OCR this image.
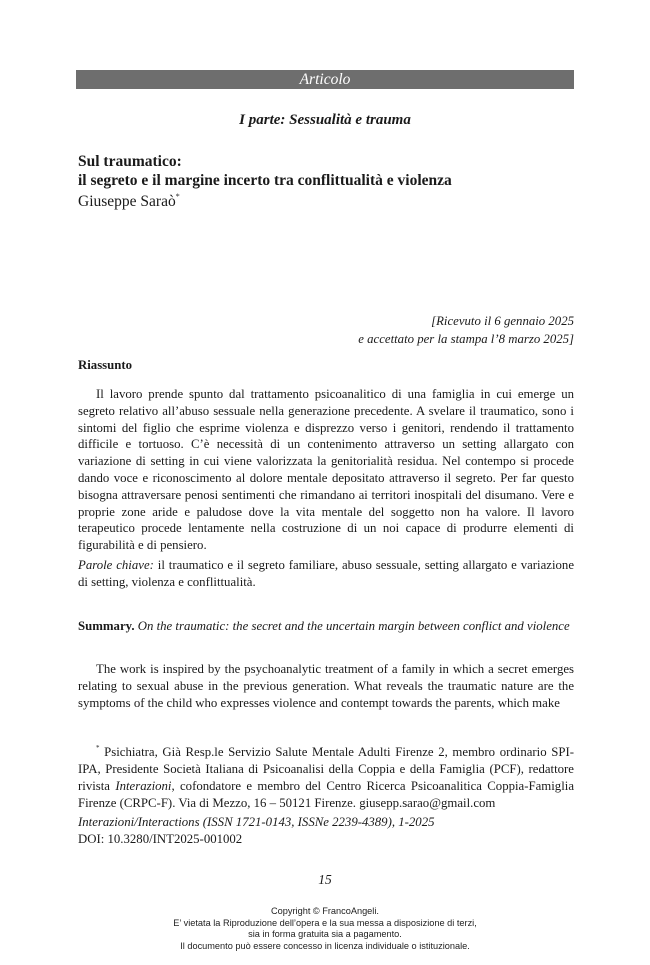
Articolo
I parte: Sessualità e trauma
Sul traumatico:
il segreto e il margine incerto tra conflittualità e violenza
Giuseppe Saraò*
[Ricevuto il 6 gennaio 2025
e accettato per la stampa l’8 marzo 2025]
Riassunto
Il lavoro prende spunto dal trattamento psicoanalitico di una famiglia in cui emerge un segreto relativo all’abuso sessuale nella generazione precedente. A svelare il traumatico, sono i sintomi del figlio che esprime violenza e disprezzo verso i genitori, rendendo il trattamento difficile e tortuoso. C’è necessità di un contenimento attraverso un setting allargato con variazione di setting in cui viene valorizzata la genitorialità residua. Nel contempo si procede dando voce e riconoscimento al dolore mentale depositato attraverso il segreto. Per far questo bisogna attraversare penosi sentimenti che rimandano ai territori inospitali del disumano. Vere e proprie zone aride e paludose dove la vita mentale del soggetto non ha valore. Il lavoro terapeutico procede lentamente nella costruzione di un noi capace di produrre elementi di figurabilità e di pensiero.
Parole chiave: il traumatico e il segreto familiare, abuso sessuale, setting allargato e variazione di setting, violenza e conflittualità.
Summary. On the traumatic: the secret and the uncertain margin between conflict and violence
The work is inspired by the psychoanalytic treatment of a family in which a secret emerges relating to sexual abuse in the previous generation. What reveals the traumatic nature are the symptoms of the child who expresses violence and contempt towards the parents, which make
* Psichiatra, Già Resp.le Servizio Salute Mentale Adulti Firenze 2, membro ordinario SPI-IPA, Presidente Società Italiana di Psicoanalisi della Coppia e della Famiglia (PCF), redattore rivista Interazioni, cofondatore e membro del Centro Ricerca Psicoanalitica Coppia-Famiglia Firenze (CRPC-F). Via di Mezzo, 16 – 50121 Firenze. giusepp.sarao@gmail.com
Interazioni/Interactions (ISSN 1721-0143, ISSNe 2239-4389), 1-2025
DOI: 10.3280/INT2025-001002
15
Copyright © FrancoAngeli.
E’ vietata la Riproduzione dell’opera e la sua messa a disposizione di terzi,
sia in forma gratuita sia a pagamento.
Il documento può essere concesso in licenza individuale o istituzionale.
